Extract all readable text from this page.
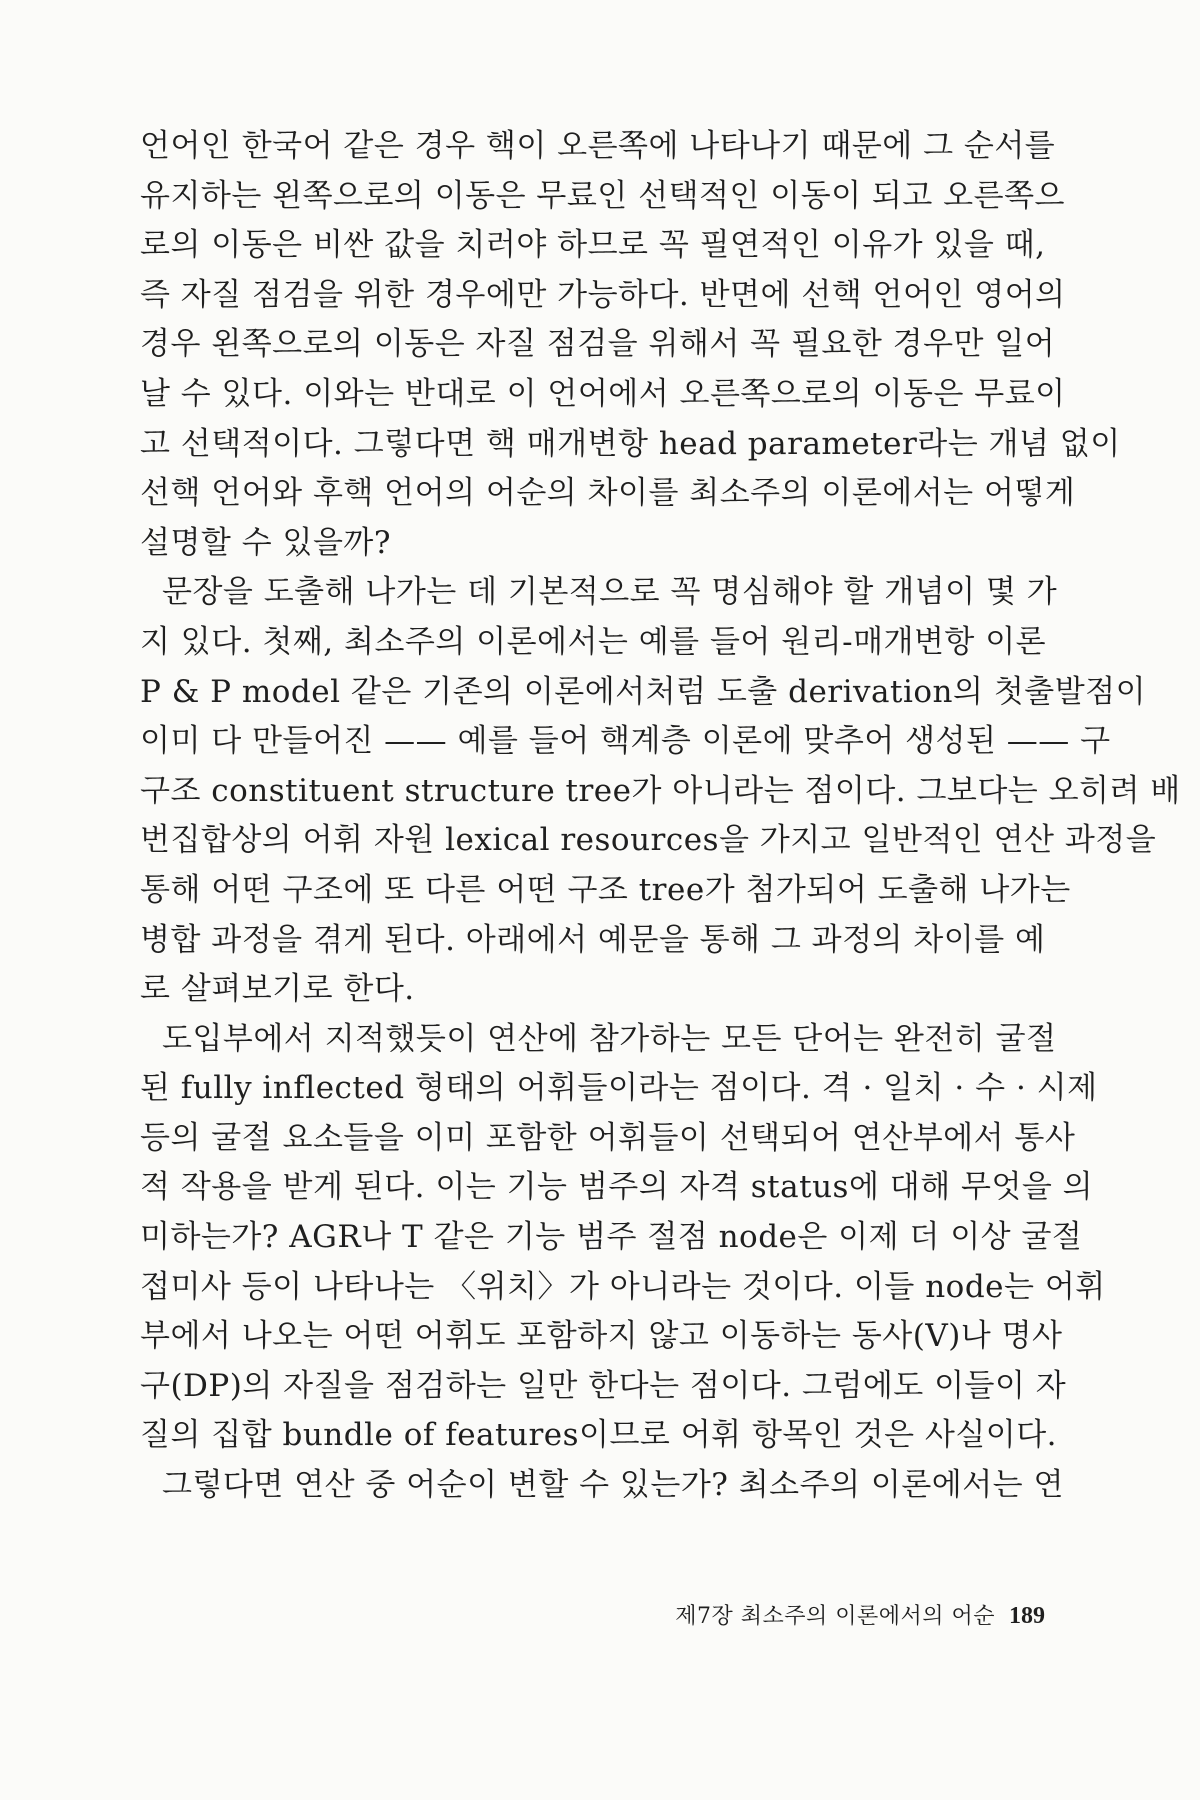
언어인 한국어 같은 경우 핵이 오른쪽에 나타나기 때문에 그 순서를
유지하는 왼쪽으로의 이동은 무료인 선택적인 이동이 되고 오른쪽으
로의 이동은 비싼 값을 치러야 하므로 꼭 필연적인 이유가 있을 때,
즉 자질 점검을 위한 경우에만 가능하다. 반면에 선핵 언어인 영어의
경우 왼쪽으로의 이동은 자질 점검을 위해서 꼭 필요한 경우만 일어
날 수 있다. 이와는 반대로 이 언어에서 오른쪽으로의 이동은 무료이
고 선택적이다. 그렇다면 핵 매개변항 head parameter라는 개념 없이
선핵 언어와 후핵 언어의 어순의 차이를 최소주의 이론에서는 어떻게
설명할 수 있을까?
문장을 도출해 나가는 데 기본적으로 꼭 명심해야 할 개념이 몇 가
지 있다. 첫째, 최소주의 이론에서는 예를 들어 원리-매개변항 이론
P & P model 같은 기존의 이론에서처럼 도출 derivation의 첫출발점이
이미 다 만들어진 —— 예를 들어 핵계층 이론에 맞추어 생성된 —— 구
구조 constituent structure tree가 아니라는 점이다. 그보다는 오히려 배
번집합상의 어휘 자원 lexical resources을 가지고 일반적인 연산 과정을
통해 어떤 구조에 또 다른 어떤 구조 tree가 첨가되어 도출해 나가는
병합 과정을 겪게 된다. 아래에서 예문을 통해 그 과정의 차이를 예
로 살펴보기로 한다.
도입부에서 지적했듯이 연산에 참가하는 모든 단어는 완전히 굴절
된 fully inflected 형태의 어휘들이라는 점이다. 격 · 일치 · 수 · 시제
등의 굴절 요소들을 이미 포함한 어휘들이 선택되어 연산부에서 통사
적 작용을 받게 된다. 이는 기능 범주의 자격 status에 대해 무엇을 의
미하는가? AGR나 T 같은 기능 범주 절점 node은 이제 더 이상 굴절
접미사 등이 나타나는 〈위치〉가 아니라는 것이다. 이들 node는 어휘
부에서 나오는 어떤 어휘도 포함하지 않고 이동하는 동사(V)나 명사
구(DP)의 자질을 점검하는 일만 한다는 점이다. 그럼에도 이들이 자
질의 집합 bundle of features이므로 어휘 항목인 것은 사실이다.
그렇다면 연산 중 어순이 변할 수 있는가? 최소주의 이론에서는 연
제7장 최소주의 이론에서의 어순 189
